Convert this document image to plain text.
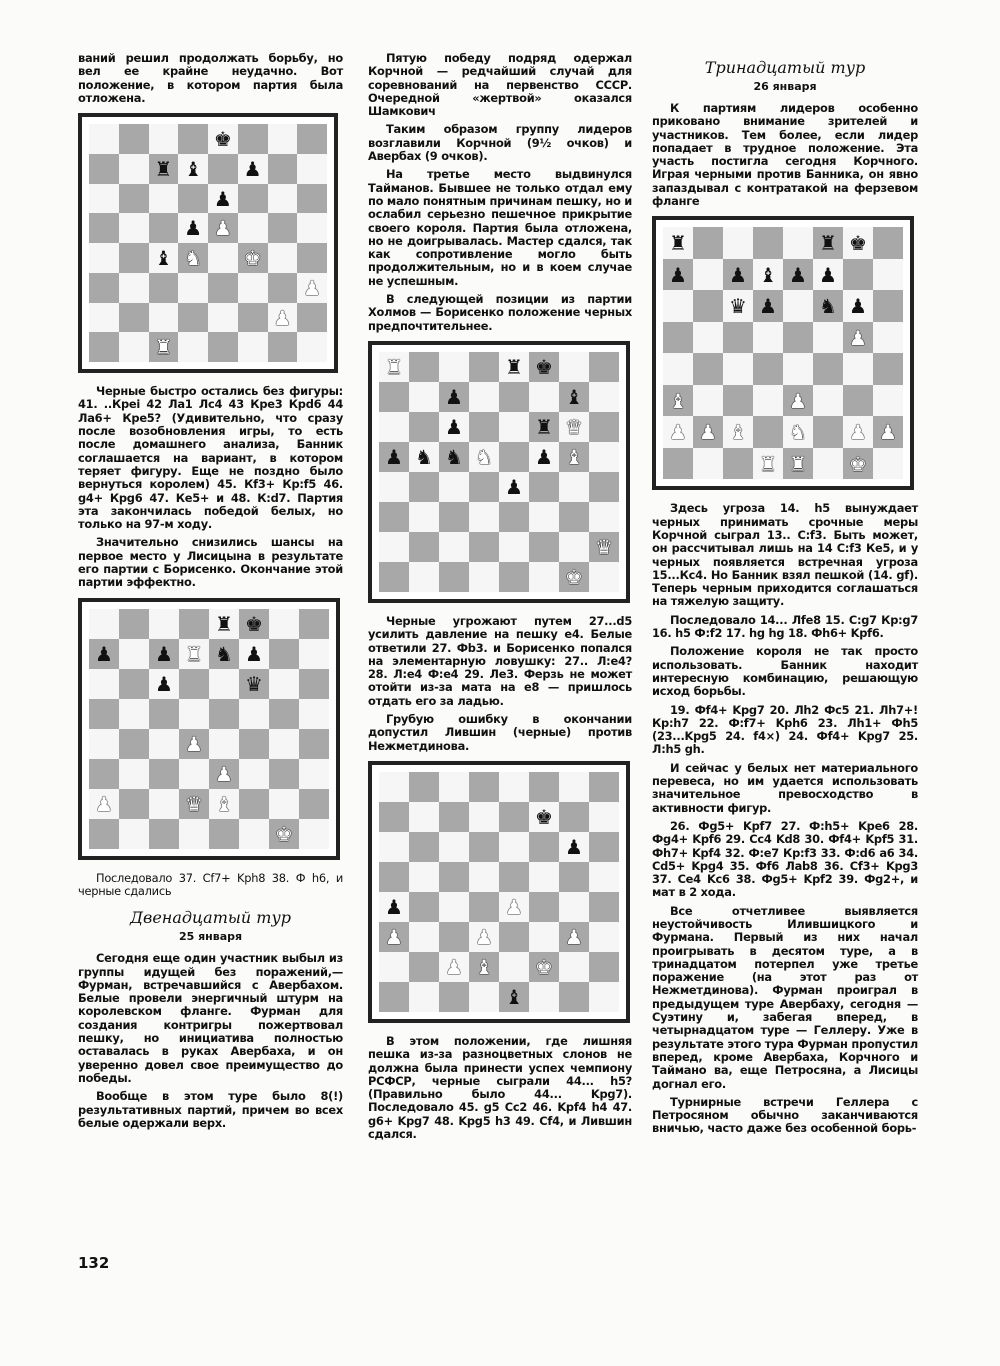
ваний решил продолжать борьбу, но вел ее крайне неудачно. Вот положение, в котором партия была отложена.

♚
♜ ♝ ♟
♟
♟ ♟
♝ ♞ ♚
♟
♟
♜

Черные быстро остались без фигуры: 41. ..Креі 42 Ла1 Лс4 43 Кре3 Крd6 44 Ла6+ Кре5? (Удивительно, что сразу после возобновления игры, то есть после домашнего анализа, Банник соглашается на вариант, в котором теряет фигуру. Еще не поздно было вернуться королем) 45. Кf3+ Кр:f5 46. g4+ Крg6 47. Ке5+ и 48. К:d7. Партия эта закончилась победой белых, но только на 97-м ходу.

Значительно снизились шансы на первое место у Лисицына в результате его партии с Борисенко. Окончание этой партии эффектно.

♜ ♚
♟ ♟ ♜ ♞ ♟
♟	♛
♟
♟
♟	♛ ♝
♚

Последовало 37. Cf7+ Kph8 38. Ф h6, и черные сдались

Двенадцатый тур
25 января

Сегодня еще один участник выбыл из группы идущей без поражений,— Фурман, встречавшийся с Авербахом. Белые провели энергичный штурм на королевском фланге. Фурман для создания контригры пожертвовал пешку, но инициатива полностью оставалась в руках Авербаха, и он уверенно довел свое преимущество до победы.

Вообще в этом туре было 8(!) результативных партий, причем во всех белые одержали верх.

Пятую победу подряд одержал Корчной — редчайший случай для соревнований на первенство СССР. Очередной «жертвой» оказался Шамкович

Таким образом группу лидеров возглавили Корчной (9½ очков) и Авербах (9 очков).

На третье место выдвинулся Тайманов. Бывшее не только отдал ему по мало понятным причинам пешку, но и ослабил серьезно пешечное прикрытие своего короля. Партия была отложена, но не доигрывалась. Мастер сдался, так как сопротивление могло быть продолжительным, но и в коем случае не успешным.

В следующей позиции из партии Холмов — Борисенко положение черных предпочтительнее.

♜	♜ ♚
♟	♝
♟	♜ ♛
♟ ♞ ♞ ♞ ♟ ♝
♟
♛
♚

Черные угрожают путем 27...d5 усилить давление на пешку е4. Белые ответили 27. Фb3. и Борисенко попался на элементарную ловушку: 27.. Л:е4? 28. Л:е4 Ф:е4 29. Ле3. Ферзь не может отойти из-за мата на е8 — пришлось отдать его за ладью.

Грубую ошибку в окончании допустил Лившин (черные) против Нежметдинова.

♚
♟
♟	♟
♟	♟	♟
♟ ♝ ♚
♝

В этом положении, где лишняя пешка из-за разноцветных слонов не должна была принести успех чемпиону РСФСР, черные сыграли 44... h5? (Правильно было 44... Kpg7). Последовало 45. g5 Cc2 46. Kpf4 h4 47. g6+ Kpg7 48. Kpg5 h3 49. Cf4, и Лившин сдался.

Тринадцатый тур
26 января

К партиям лидеров особенно приковано внимание зрителей и участников. Тем более, если лидер попадает в трудное положение. Эта участь постигла сегодня Корчного. Играя черными против Банника, он явно запаздывал с контратакой на ферзевом фланге

♜	♜ ♚
♟ ♟ ♝ ♟ ♟
♛ ♟ ♞ ♟
♟
♝	♟
♟ ♟ ♝ ♞ ♟ ♟
♜ ♜ ♚

Здесь угроза 14. h5 вынуждает черных принимать срочные меры Корчной сыграл 13.. С:f3. Быть может, он рассчитывал лишь на 14 С:f3 Ке5, и у черных появляется встречная угроза 15...Кс4. Но Банник взял пешкой (14. gf). Теперь черным приходится соглашаться на тяжелую защиту.

Последовало 14... Лfe8 15. С:g7 Кр:g7 16. h5 Ф:f2 17. hg hg 18. Фh6+ Kpf6.

Положение короля не так просто использовать. Банник находит интересную комбинацию, решающую исход борьбы.

19. Фf4+ Kpg7 20. Лh2 Фc5 21. Лh7+! Кр:h7 22. Ф:f7+ Kph6 23. Лh1+ Фh5 (23...Kpg5 24. f4×) 24. Фf4+ Kpg7 25. Л:h5 gh.

И сейчас у белых нет материального перевеса, но им удается использовать значительное превосходство в активности фигур.

26. Фg5+ Kpf7 27. Ф:h5+ Kpe6 28. Фg4+ Kpf6 29. Cc4 Kd8 30. Фf4+ Kpf5 31. Фh7+ Kpf4 32. Ф:e7 Кр:f3 33. Ф:d6 a6 34. Cd5+ Kpg4 35. Фf6 Лab8 36. Cf3+ Kpg3 37. Ce4 Kc6 38. Фg5+ Kpf2 39. Фg2+, и мат в 2 хода.

Все отчетливее выявляется неустойчивость Илившицкого и Фурмана. Первый из них начал проигрывать в десятом туре, а в тринадцатом потерпел уже третье поражение (на этот раз от Нежметдинова). Фурман проиграл в предыдущем туре Авербаху, сегодня — Суэтину и, забегая вперед, в четырнадцатом туре — Геллеру. Уже в результате этого тура Фурман пропустил вперед, кроме Авербаха, Корчного и Таймано ва, еще Петросяна, а Лисицы догнал его.

Турнирные встречи Геллера с Петросяном обычно заканчиваются вничью, часто даже без особенной борь-

132
